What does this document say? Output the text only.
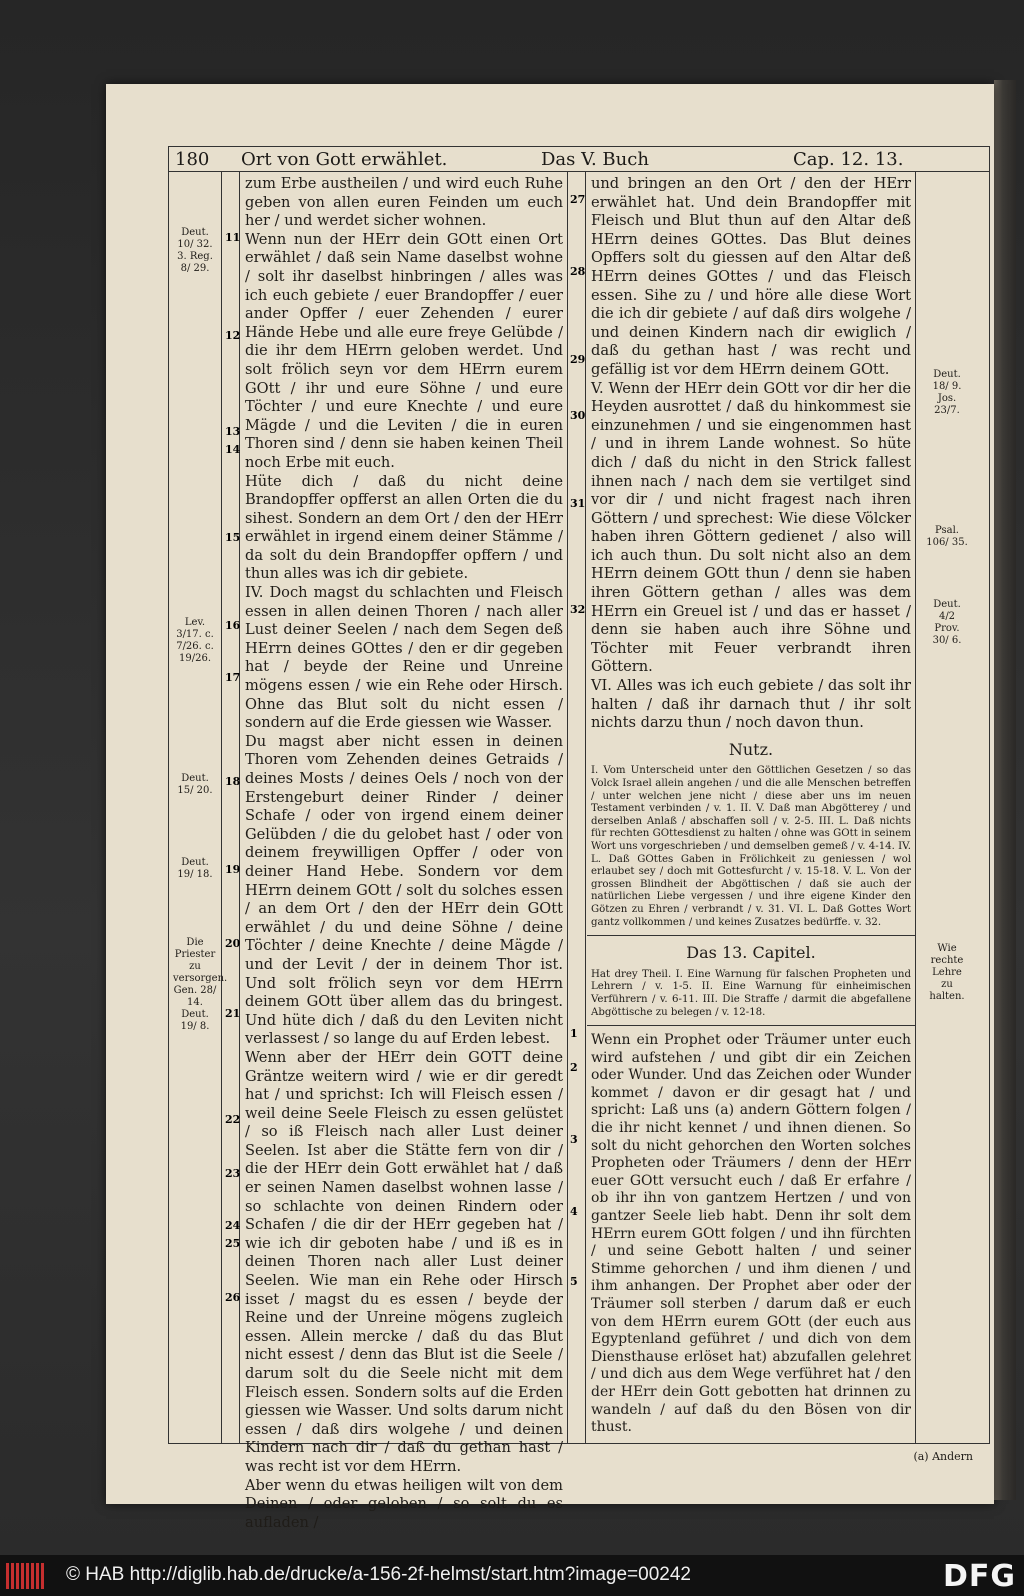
180 Ort von Gott erwählet.	Das V. Buch	Cap. 12. 13.
Deut. 10/ 32. 3. Reg. 8/ 29.
Lev. 3/17. c. 7/26. c. 19/26.
Deut. 15/ 20.
Deut. 19/ 18.
Die Priester zu versorgen. Gen. 28/ 14. Deut. 19/ 8.
Deut. 18/ 9. Jos. 23/7.
Psal. 106/ 35.
Deut. 4/2 Prov. 30/ 6.
Wie rechte Lehre zu halten.
11
12
13
14
15
16
17
18
19
20
21
22
23
24
25
26

zum Erbe austheilen / und wird euch Ruhe geben von allen euren Feinden um euch her / und werdet sicher wohnen.

Wenn nun der HErr dein GOtt einen Ort erwählet / daß sein Name daselbst wohne / solt ihr daselbst hinbringen / alles was ich euch gebiete / euer Brandopffer / euer ander Opffer / euer Zehenden / eurer Hände Hebe und alle eure freye Gelübde / die ihr dem HErrn geloben werdet. Und solt frölich seyn vor dem HErrn eurem GOtt / ihr und eure Söhne / und eure Töchter / und eure Knechte / und eure Mägde / und die Leviten / die in euren Thoren sind / denn sie haben keinen Theil noch Erbe mit euch.

Hüte dich / daß du nicht deine Brandopffer opfferst an allen Orten die du sihest. Sondern an dem Ort / den der HErr erwählet in irgend einem deiner Stämme / da solt du dein Brandopffer opffern / und thun alles was ich dir gebiete.

IV. Doch magst du schlachten und Fleisch essen in allen deinen Thoren / nach aller Lust deiner Seelen / nach dem Segen deß HErrn deines GOttes / den er dir gegeben hat / beyde der Reine und Unreine mögens essen / wie ein Rehe oder Hirsch. Ohne das Blut solt du nicht essen / sondern auf die Erde giessen wie Wasser.

Du magst aber nicht essen in deinen Thoren vom Zehenden deines Getraids / deines Mosts / deines Oels / noch von der Erstengeburt deiner Rinder / deiner Schafe / oder von irgend einem deiner Gelübden / die du gelobet hast / oder von deinem freywilligen Opffer / oder von deiner Hand Hebe. Sondern vor dem HErrn deinem GOtt / solt du solches essen / an dem Ort / den der HErr dein GOtt erwählet / du und deine Söhne / deine Töchter / deine Knechte / deine Mägde / und der Levit / der in deinem Thor ist. Und solt frölich seyn vor dem HErrn deinem GOtt über allem das du bringest. Und hüte dich / daß du den Leviten nicht verlassest / so lange du auf Erden lebest.

Wenn aber der HErr dein GOTT deine Gräntze weitern wird / wie er dir geredt hat / und sprichst: Ich will Fleisch essen / weil deine Seele Fleisch zu essen gelüstet / so iß Fleisch nach aller Lust deiner Seelen. Ist aber die Stätte fern von dir / die der HErr dein Gott erwählet hat / daß er seinen Namen daselbst wohnen lasse / so schlachte von deinen Rindern oder Schafen / die dir der HErr gegeben hat / wie ich dir geboten habe / und iß es in deinen Thoren nach aller Lust deiner Seelen. Wie man ein Rehe oder Hirsch isset / magst du es essen / beyde der Reine und der Unreine mögens zugleich essen. Allein mercke / daß du das Blut nicht essest / denn das Blut ist die Seele / darum solt du die Seele nicht mit dem Fleisch essen. Sondern solts auf die Erden giessen wie Wasser. Und solts darum nicht essen / daß dirs wolgehe / und deinen Kindern nach dir / daß du gethan hast / was recht ist vor dem HErrn.

Aber wenn du etwas heiligen wilt von dem Deinen / oder geloben / so solt du es aufladen /

27
28
29
30
31
32

und bringen an den Ort / den der HErr erwählet hat. Und dein Brandopffer mit Fleisch und Blut thun auf den Altar deß HErrn deines GOttes. Das Blut deines Opffers solt du giessen auf den Altar deß HErrn deines GOttes / und das Fleisch essen. Sihe zu / und höre alle diese Wort die ich dir gebiete / auf daß dirs wolgehe / und deinen Kindern nach dir ewiglich / daß du gethan hast / was recht und gefällig ist vor dem HErrn deinem GOtt.

V. Wenn der HErr dein GOtt vor dir her die Heyden ausrottet / daß du hinkommest sie einzunehmen / und sie eingenommen hast / und in ihrem Lande wohnest. So hüte dich / daß du nicht in den Strick fallest ihnen nach / nach dem sie vertilget sind vor dir / und nicht fragest nach ihren Göttern / und sprechest: Wie diese Völcker haben ihren Göttern gedienet / also will ich auch thun. Du solt nicht also an dem HErrn deinem GOtt thun / denn sie haben ihren Göttern gethan / alles was dem HErrn ein Greuel ist / und das er hasset / denn sie haben auch ihre Söhne und Töchter mit Feuer verbrandt ihren Göttern.

VI. Alles was ich euch gebiete / das solt ihr halten / daß ihr darnach thut / ihr solt nichts darzu thun / noch davon thun.

Nutz.

I. Vom Unterscheid unter den Göttlichen Gesetzen / so das Volck Israel allein angehen / und die alle Menschen betreffen / unter welchen jene nicht / diese aber uns im neuen Testament verbinden / v. 1. II. V. Daß man Abgötterey / und derselben Anlaß / abschaffen soll / v. 2-5. III. L. Daß nichts für rechten GOttesdienst zu halten / ohne was GOtt in seinem Wort uns vorgeschrieben / und demselben gemeß / v. 4-14. IV. L. Daß GOttes Gaben in Frölichkeit zu geniessen / wol erlaubet sey / doch mit Gottesfurcht / v. 15-18. V. L. Von der grossen Blindheit der Abgöttischen / daß sie auch der natürlichen Liebe vergessen / und ihre eigene Kinder den Götzen zu Ehren / verbrandt / v. 31. VI. L. Daß Gottes Wort gantz vollkommen / und keines Zusatzes bedürffe. v. 32.

Das 13. Capitel.

Hat drey Theil. I. Eine Warnung für falschen Propheten und Lehrern / v. 1-5. II. Eine Warnung für einheimischen Verführern / v. 6-11. III. Die Straffe / darmit die abgefallene Abgöttische zu belegen / v. 12-18.

Wenn ein Prophet oder Träumer unter euch wird aufstehen / und gibt dir ein Zeichen oder Wunder. Und das Zeichen oder Wunder kommet / davon er dir gesagt hat / und spricht: Laß uns (a) andern Göttern folgen / die ihr nicht kennet / und ihnen dienen. So solt du nicht gehorchen den Worten solches Propheten oder Träumers / denn der HErr euer GOtt versucht euch / daß Er erfahre / ob ihr ihn von gantzem Hertzen / und von gantzer Seele lieb habt. Denn ihr solt dem HErrn eurem GOtt folgen / und ihn fürchten / und seine Gebott halten / und seiner Stimme gehorchen / und ihm dienen / und ihm anhangen. Der Prophet aber oder der Träumer soll sterben / darum daß er euch von dem HErrn eurem GOtt (der euch aus Egyptenland geführet / und dich von dem Diensthause erlöset hat) abzufallen gelehret / und dich aus dem Wege verführet hat / den der HErr dein Gott gebotten hat drinnen zu wandeln / auf daß du den Bösen von dir thust.

1
2
3
4
5
(a) Andern
© HAB http://diglib.hab.de/drucke/a-156-2f-helmst/start.htm?image=00242	DFG
